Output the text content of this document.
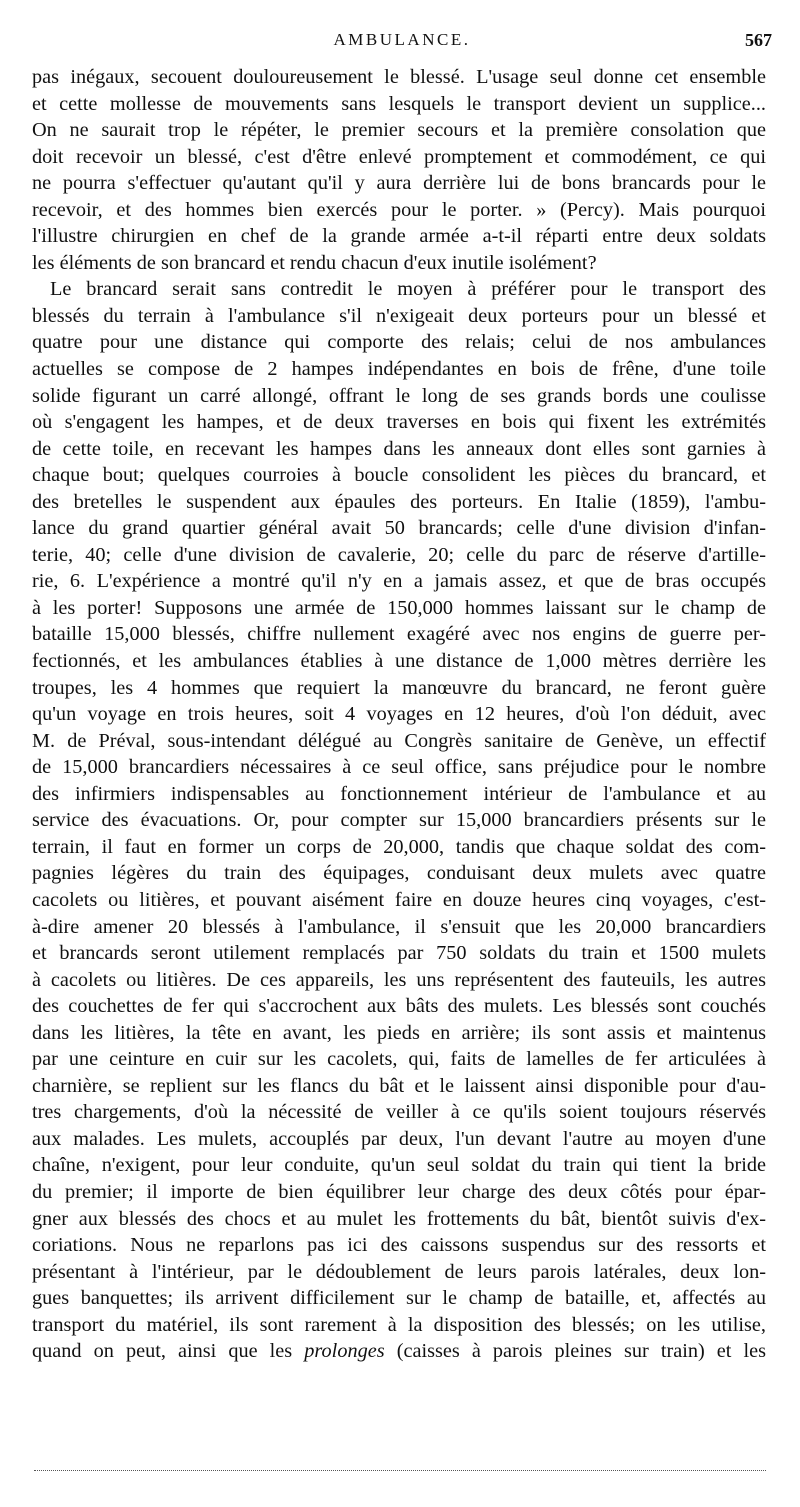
AMBULANCE.	567
pas inégaux, secouent douloureusement le blessé. L'usage seul donne cet ensemble
et cette mollesse de mouvements sans lesquels le transport devient un supplice...
On ne saurait trop le répéter, le premier secours et la première consolation que
doit recevoir un blessé, c'est d'être enlevé promptement et commodément, ce qui
ne pourra s'effectuer qu'autant qu'il y aura derrière lui de bons brancards pour le
recevoir, et des hommes bien exercés pour le porter. » (Percy). Mais pourquoi
l'illustre chirurgien en chef de la grande armée a-t-il réparti entre deux soldats
les éléments de son brancard et rendu chacun d'eux inutile isolément?
Le brancard serait sans contredit le moyen à préférer pour le transport des
blessés du terrain à l'ambulance s'il n'exigeait deux porteurs pour un blessé et
quatre pour une distance qui comporte des relais; celui de nos ambulances
actuelles se compose de 2 hampes indépendantes en bois de frêne, d'une toile
solide figurant un carré allongé, offrant le long de ses grands bords une coulisse
où s'engagent les hampes, et de deux traverses en bois qui fixent les extrémités
de cette toile, en recevant les hampes dans les anneaux dont elles sont garnies à
chaque bout; quelques courroies à boucle consolident les pièces du brancard, et
des bretelles le suspendent aux épaules des porteurs. En Italie (1859), l'ambu-
lance du grand quartier général avait 50 brancards; celle d'une division d'infan-
terie, 40; celle d'une division de cavalerie, 20; celle du parc de réserve d'artille-
rie, 6. L'expérience a montré qu'il n'y en a jamais assez, et que de bras occupés
à les porter! Supposons une armée de 150,000 hommes laissant sur le champ de
bataille 15,000 blessés, chiffre nullement exagéré avec nos engins de guerre per-
fectionnés, et les ambulances établies à une distance de 1,000 mètres derrière les
troupes, les 4 hommes que requiert la manœuvre du brancard, ne feront guère
qu'un voyage en trois heures, soit 4 voyages en 12 heures, d'où l'on déduit, avec
M. de Préval, sous-intendant délégué au Congrès sanitaire de Genève, un effectif
de 15,000 brancardiers nécessaires à ce seul office, sans préjudice pour le nombre
des infirmiers indispensables au fonctionnement intérieur de l'ambulance et au
service des évacuations. Or, pour compter sur 15,000 brancardiers présents sur le
terrain, il faut en former un corps de 20,000, tandis que chaque soldat des com-
pagnies légères du train des équipages, conduisant deux mulets avec quatre
cacolets ou litières, et pouvant aisément faire en douze heures cinq voyages, c'est-
à-dire amener 20 blessés à l'ambulance, il s'ensuit que les 20,000 brancardiers
et brancards seront utilement remplacés par 750 soldats du train et 1500 mulets
à cacolets ou litières. De ces appareils, les uns représentent des fauteuils, les autres
des couchettes de fer qui s'accrochent aux bâts des mulets. Les blessés sont couchés
dans les litières, la tête en avant, les pieds en arrière; ils sont assis et maintenus
par une ceinture en cuir sur les cacolets, qui, faits de lamelles de fer articulées à
charnière, se replient sur les flancs du bât et le laissent ainsi disponible pour d'au-
tres chargements, d'où la nécessité de veiller à ce qu'ils soient toujours réservés
aux malades. Les mulets, accouplés par deux, l'un devant l'autre au moyen d'une
chaîne, n'exigent, pour leur conduite, qu'un seul soldat du train qui tient la bride
du premier; il importe de bien équilibrer leur charge des deux côtés pour épar-
gner aux blessés des chocs et au mulet les frottements du bât, bientôt suivis d'ex-
coriations. Nous ne reparlons pas ici des caissons suspendus sur des ressorts et
présentant à l'intérieur, par le dédoublement de leurs parois latérales, deux lon-
gues banquettes; ils arrivent difficilement sur le champ de bataille, et, affectés au
transport du matériel, ils sont rarement à la disposition des blessés; on les utilise,
quand on peut, ainsi que les prolonges (caisses à parois pleines sur train) et les
